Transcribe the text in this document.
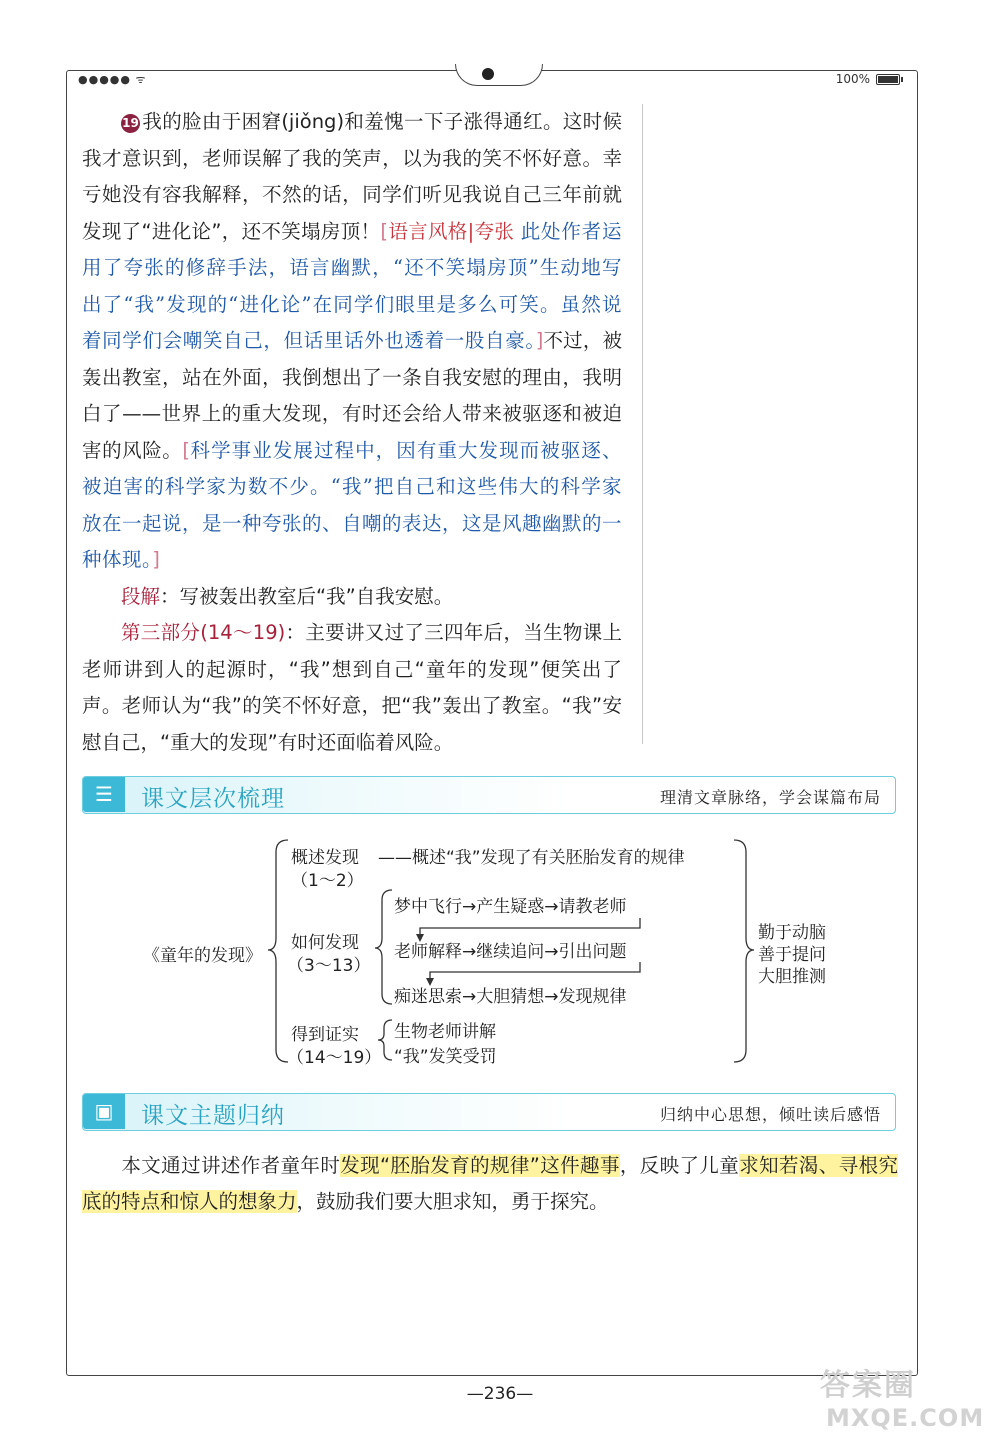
●●●●● ᯤ	100%

19 我的脸由于困窘(jiǒng)和羞愧一下子涨得通红。这时候我才意识到，老师误解了我的笑声，以为我的笑不怀好意。幸亏她没有容我解释，不然的话，同学们听见我说自己三年前就发现了“进化论”，还不笑塌房顶！[语言风格|夸张 此处作者运用了夸张的修辞手法，语言幽默，“还不笑塌房顶”生动地写出了“我”发现的“进化论”在同学们眼里是多么可笑。虽然说着同学们会嘲笑自己，但话里话外也透着一股自豪。]不过，被轰出教室，站在外面，我倒想出了一条自我安慰的理由，我明白了——世界上的重大发现，有时还会给人带来被驱逐和被迫害的风险。[科学事业发展过程中，因有重大发现而被驱逐、被迫害的科学家为数不少。“我”把自己和这些伟大的科学家放在一起说，是一种夸张的、自嘲的表达，这是风趣幽默的一种体现。]

段解：写被轰出教室后“我”自我安慰。

第三部分(14～19)：主要讲又过了三四年后，当生物课上老师讲到人的起源时，“我”想到自己“童年的发现”便笑出了声。老师认为“我”的笑不怀好意，把“我”轰出了教室。“我”安慰自己，“重大的发现”有时还面临着风险。

☰	课文层次梳理	理清文章脉络，学会谋篇布局
《童年的发现》
概述发现
（1～2）
——概述“我”发现了有关胚胎发育的规律
如何发现
（3～13）
梦中飞行→产生疑惑→请教老师
老师解释→继续追问→引出问题
痴迷思索→大胆猜想→发现规律
得到证实
（14～19）
生物老师讲解
“我”发笑受罚
勤于动脑
善于提问
大胆推测
▣	课文主题归纳	归纳中心思想，倾吐读后感悟
本文通过讲述作者童年时发现“胚胎发育的规律”这件趣事，反映了儿童求知若渴、寻根究底的特点和惊人的想象力，鼓励我们要大胆求知，勇于探究。
—236—	答案圈
MXQE.COM
